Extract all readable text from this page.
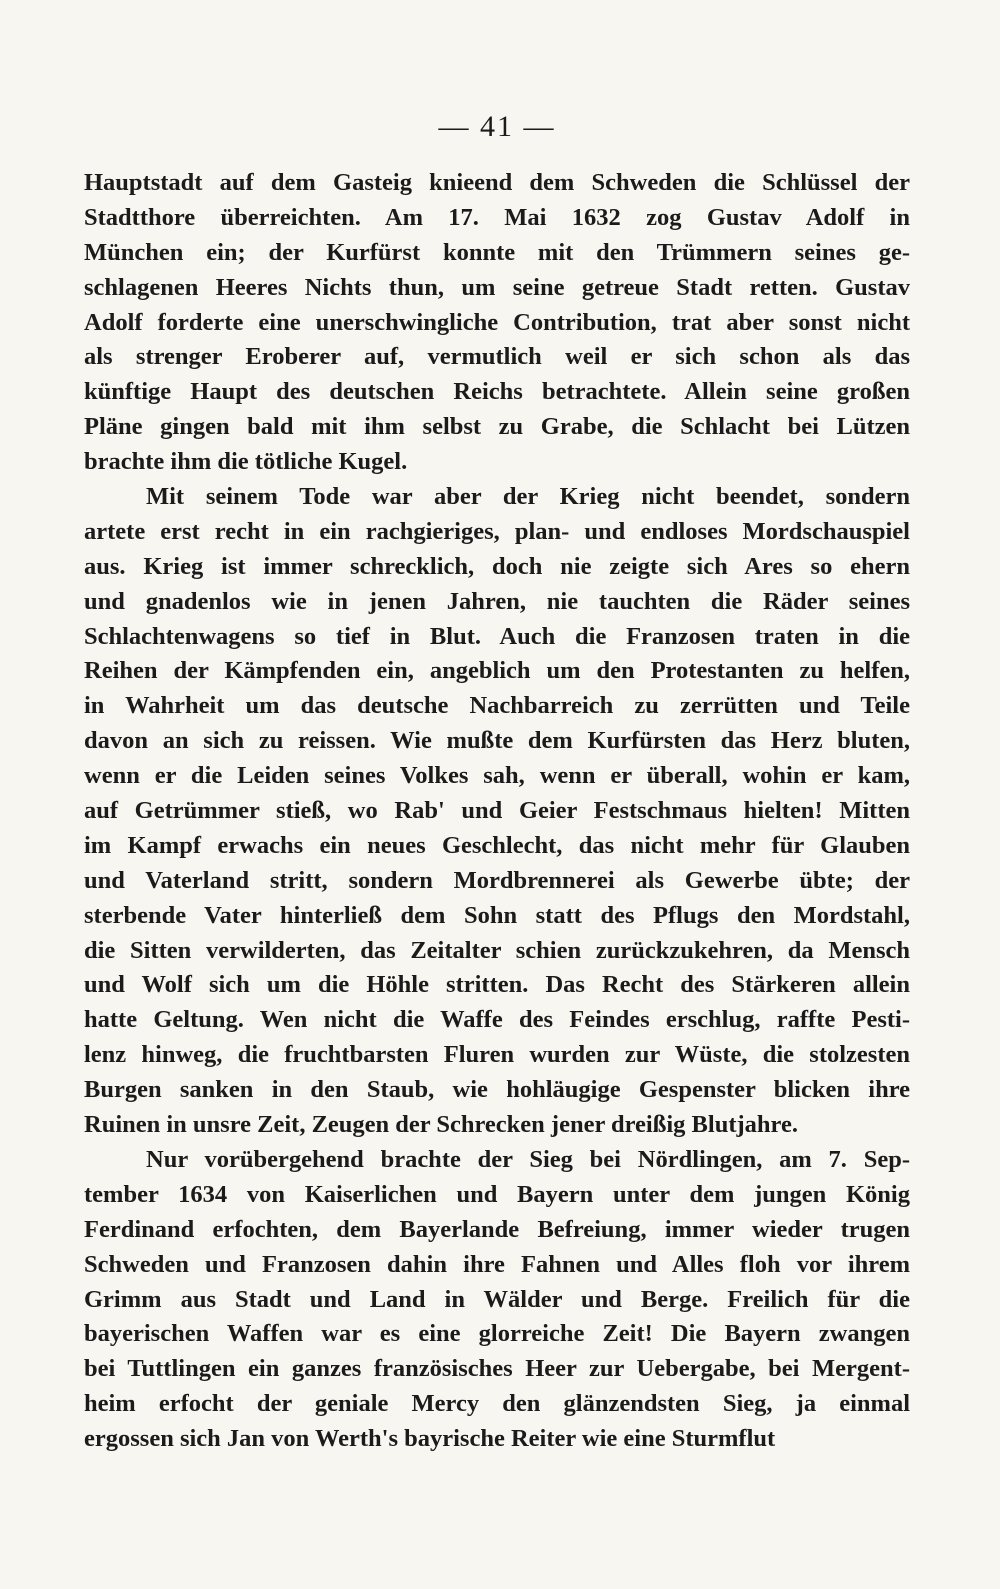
— 41 —
Hauptstadt auf dem Gasteig knieend dem Schweden die Schlüssel der
Stadtthore überreichten. Am 17. Mai 1632 zog Gustav Adolf in
München ein; der Kurfürst konnte mit den Trümmern seines ge-
schlagenen Heeres Nichts thun, um seine getreue Stadt retten. Gustav
Adolf forderte eine unerschwingliche Contribution, trat aber sonst nicht
als strenger Eroberer auf, vermutlich weil er sich schon als das
künftige Haupt des deutschen Reichs betrachtete. Allein seine großen
Pläne gingen bald mit ihm selbst zu Grabe, die Schlacht bei Lützen
brachte ihm die tötliche Kugel.
Mit seinem Tode war aber der Krieg nicht beendet, sondern
artete erst recht in ein rachgieriges, plan- und endloses Mordschauspiel
aus. Krieg ist immer schrecklich, doch nie zeigte sich Ares so ehern
und gnadenlos wie in jenen Jahren, nie tauchten die Räder seines
Schlachtenwagens so tief in Blut. Auch die Franzosen traten in die
Reihen der Kämpfenden ein, angeblich um den Protestanten zu helfen,
in Wahrheit um das deutsche Nachbarreich zu zerrütten und Teile
davon an sich zu reissen. Wie mußte dem Kurfürsten das Herz bluten,
wenn er die Leiden seines Volkes sah, wenn er überall, wohin er kam,
auf Getrümmer stieß, wo Rab' und Geier Festschmaus hielten! Mitten
im Kampf erwachs ein neues Geschlecht, das nicht mehr für Glauben
und Vaterland stritt, sondern Mordbrennerei als Gewerbe übte; der
sterbende Vater hinterließ dem Sohn statt des Pflugs den Mordstahl,
die Sitten verwilderten, das Zeitalter schien zurückzukehren, da Mensch
und Wolf sich um die Höhle stritten. Das Recht des Stärkeren allein
hatte Geltung. Wen nicht die Waffe des Feindes erschlug, raffte Pesti-
lenz hinweg, die fruchtbarsten Fluren wurden zur Wüste, die stolzesten
Burgen sanken in den Staub, wie hohläugige Gespenster blicken ihre
Ruinen in unsre Zeit, Zeugen der Schrecken jener dreißig Blutjahre.
Nur vorübergehend brachte der Sieg bei Nördlingen, am 7. Sep-
tember 1634 von Kaiserlichen und Bayern unter dem jungen König
Ferdinand erfochten, dem Bayerlande Befreiung, immer wieder trugen
Schweden und Franzosen dahin ihre Fahnen und Alles floh vor ihrem
Grimm aus Stadt und Land in Wälder und Berge. Freilich für die
bayerischen Waffen war es eine glorreiche Zeit! Die Bayern zwangen
bei Tuttlingen ein ganzes französisches Heer zur Uebergabe, bei Mergent-
heim erfocht der geniale Mercy den glänzendsten Sieg, ja einmal
ergossen sich Jan von Werth's bayrische Reiter wie eine Sturmflut
